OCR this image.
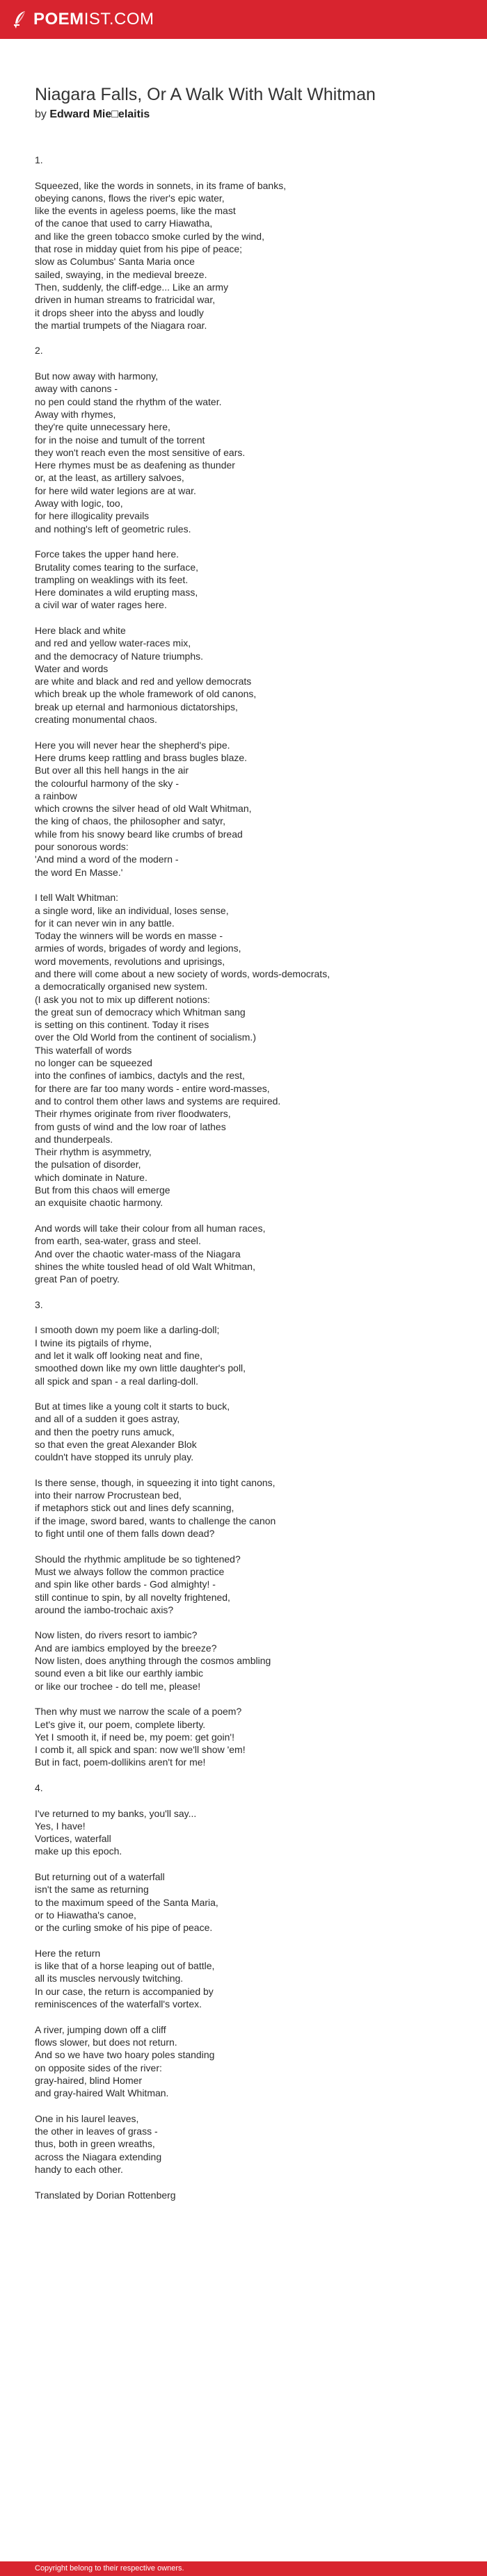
POEM IST.COM
Niagara Falls, Or A Walk With Walt Whitman

by Edward Mie□elaitis

1.
Squeezed, like the words in sonnets, in its frame of banks,
obeying canons, flows the river's epic water,
like the events in ageless poems, like the mast
of the canoe that used to carry Hiawatha,
and like the green tobacco smoke curled by the wind,
that rose in midday quiet from his pipe of peace;
slow as Columbus' Santa Maria once
sailed, swaying, in the medieval breeze.
Then, suddenly, the cliff-edge... Like an army
driven in human streams to fratricidal war,
it drops sheer into the abyss and loudly
the martial trumpets of the Niagara roar.
2.
But now away with harmony,
away with canons -
no pen could stand the rhythm of the water.
Away with rhymes,
they're quite unnecessary here,
for in the noise and tumult of the torrent
they won't reach even the most sensitive of ears.
Here rhymes must be as deafening as thunder
or, at the least, as artillery salvoes,
for here wild water legions are at war.
Away with logic, too,
for here illogicality prevails
and nothing's left of geometric rules.
Force takes the upper hand here.
Brutality comes tearing to the surface,
trampling on weaklings with its feet.
Here dominates a wild erupting mass,
a civil war of water rages here.
Here black and white
and red and yellow water-races mix,
and the democracy of Nature triumphs.
Water and words
are white and black and red and yellow democrats
which break up the whole framework of old canons,
break up eternal and harmonious dictatorships,
creating monumental chaos.
Here you will never hear the shepherd's pipe.
Here drums keep rattling and brass bugles blaze.
But over all this hell hangs in the air
the colourful harmony of the sky -
a rainbow
which crowns the silver head of old Walt Whitman,
the king of chaos, the philosopher and satyr,
while from his snowy beard like crumbs of bread
pour sonorous words:
'And mind a word of the modern -
the word En Masse.'
I tell Walt Whitman:
a single word, like an individual, loses sense,
for it can never win in any battle.
Today the winners will be words en masse -
armies of words, brigades of wordy and legions,
word movements, revolutions and uprisings,
and there will come about a new society of words, words-democrats,
a democratically organised new system.
(I ask you not to mix up different notions:
the great sun of democracy which Whitman sang
is setting on this continent. Today it rises
over the Old World from the continent of socialism.)
This waterfall of words
no longer can be squeezed
into the confines of iambics, dactyls and the rest,
for there are far too many words - entire word-masses,
and to control them other laws and systems are required.
Their rhymes originate from river floodwaters,
from gusts of wind and the low roar of lathes
and thunderpeals.
Their rhythm is asymmetry,
the pulsation of disorder,
which dominate in Nature.
But from this chaos will emerge
an exquisite chaotic harmony.
And words will take their colour from all human races,
from earth, sea-water, grass and steel.
And over the chaotic water-mass of the Niagara
shines the white tousled head of old Walt Whitman,
great Pan of poetry.
3.
I smooth down my poem like a darling-doll;
I twine its pigtails of rhyme,
and let it walk off looking neat and fine,
smoothed down like my own little daughter's poll,
all spick and span - a real darling-doll.
But at times like a young colt it starts to buck,
and all of a sudden it goes astray,
and then the poetry runs amuck,
so that even the great Alexander Blok
couldn't have stopped its unruly play.
Is there sense, though, in squeezing it into tight canons,
into their narrow Procrustean bed,
if metaphors stick out and lines defy scanning,
if the image, sword bared, wants to challenge the canon
to fight until one of them falls down dead?
Should the rhythmic amplitude be so tightened?
Must we always follow the common practice
and spin like other bards - God almighty! -
still continue to spin, by all novelty frightened,
around the iambo-trochaic axis?
Now listen, do rivers resort to iambic?
And are iambics employed by the breeze?
Now listen, does anything through the cosmos ambling
sound even a bit like our earthly iambic
or like our trochee - do tell me, please!
Then why must we narrow the scale of a poem?
Let's give it, our poem, complete liberty.
Yet I smooth it, if need be, my poem: get goin'!
I comb it, all spick and span: now we'll show 'em!
But in fact, poem-dollikins aren't for me!
4.
I've returned to my banks, you'll say...
Yes, I have!
Vortices, waterfall
make up this epoch.
But returning out of a waterfall
isn't the same as returning
to the maximum speed of the Santa Maria,
or to Hiawatha's canoe,
or the curling smoke of his pipe of peace.
Here the return
is like that of a horse leaping out of battle,
all its muscles nervously twitching.
In our case, the return is accompanied by
reminiscences of the waterfall's vortex.
A river, jumping down off a cliff
flows slower, but does not return.
And so we have two hoary poles standing
on opposite sides of the river:
gray-haired, blind Homer
and gray-haired Walt Whitman.
One in his laurel leaves,
the other in leaves of grass -
thus, both in green wreaths,
across the Niagara extending
handy to each other.
Translated by Dorian Rottenberg
Copyright belong to their respective owners.
